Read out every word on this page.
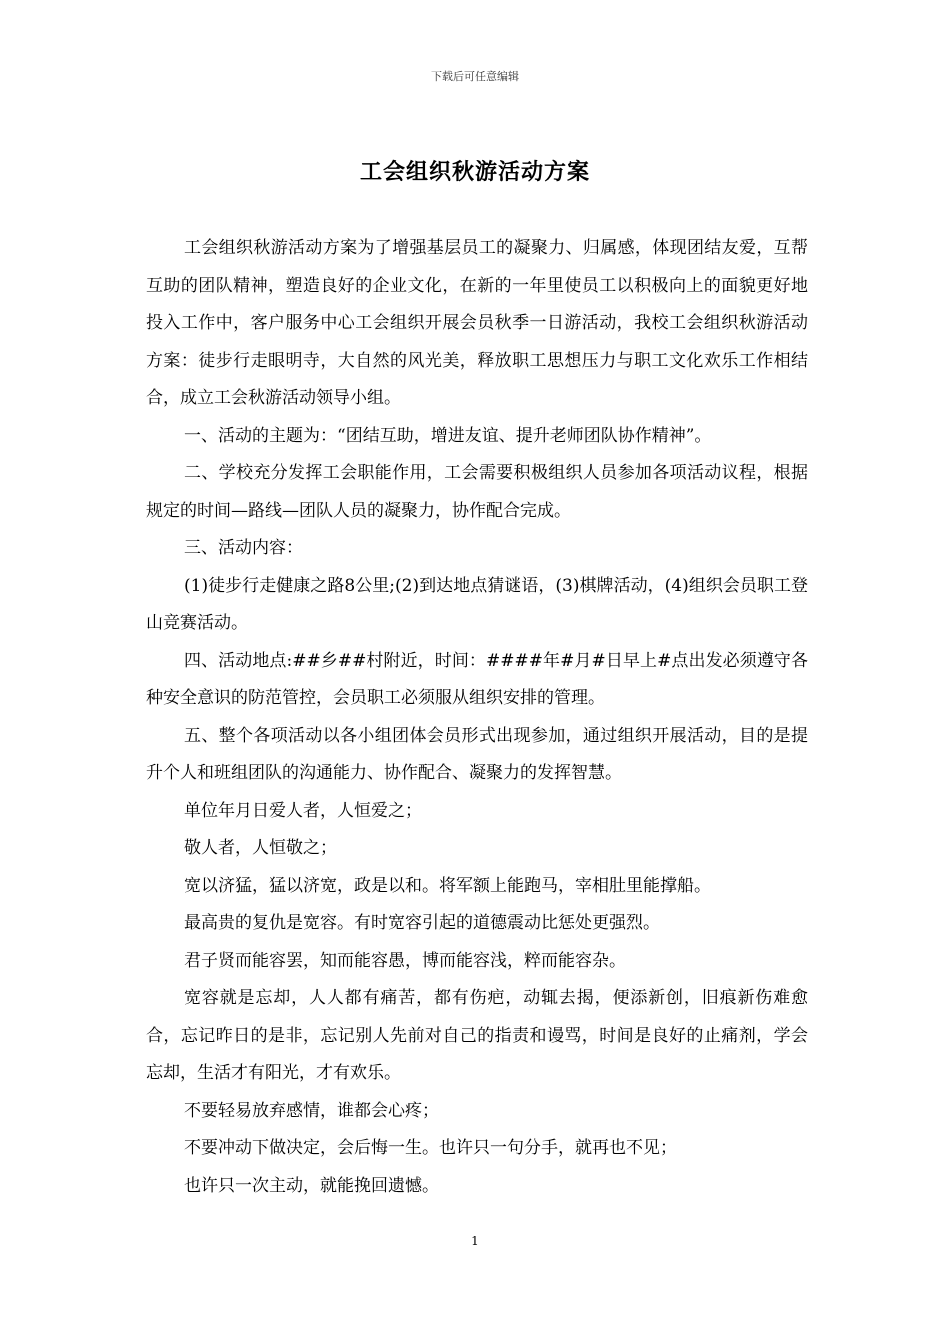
下载后可任意编辑
工会组织秋游活动方案

工会组织秋游活动方案为了增强基层员工的凝聚力、归属感，体现团结友爱，互帮互助的团队精神，塑造良好的企业文化，在新的一年里使员工以积极向上的面貌更好地投入工作中，客户服务中心工会组织开展会员秋季一日游活动，我校工会组织秋游活动方案：徒步行走眼明寺，大自然的风光美，释放职工思想压力与职工文化欢乐工作相结合，成立工会秋游活动领导小组。

一、活动的主题为：“团结互助，增进友谊、提升老师团队协作精神”。

二、学校充分发挥工会职能作用，工会需要积极组织人员参加各项活动议程，根据规定的时间—路线—团队人员的凝聚力，协作配合完成。

三、活动内容：

(1)徒步行走健康之路8公里;(2)到达地点猜谜语，(3)棋牌活动，(4)组织会员职工登山竞赛活动。

四、活动地点:##乡##村附近，时间：####年#月#日早上#点出发必须遵守各种安全意识的防范管控，会员职工必须服从组织安排的管理。

五、整个各项活动以各小组团体会员形式出现参加，通过组织开展活动，目的是提升个人和班组团队的沟通能力、协作配合、凝聚力的发挥智慧。

单位年月日爱人者，人恒爱之；

敬人者，人恒敬之；

宽以济猛，猛以济宽，政是以和。将军额上能跑马，宰相肚里能撑船。

最高贵的复仇是宽容。有时宽容引起的道德震动比惩处更强烈。

君子贤而能容罢，知而能容愚，博而能容浅，粹而能容杂。

宽容就是忘却，人人都有痛苦，都有伤疤，动辄去揭，便添新创，旧痕新伤难愈合，忘记昨日的是非，忘记别人先前对自己的指责和谩骂，时间是良好的止痛剂，学会忘却，生活才有阳光，才有欢乐。

不要轻易放弃感情，谁都会心疼；

不要冲动下做决定，会后悔一生。也许只一句分手，就再也不见；

也许只一次主动，就能挽回遗憾。

1
